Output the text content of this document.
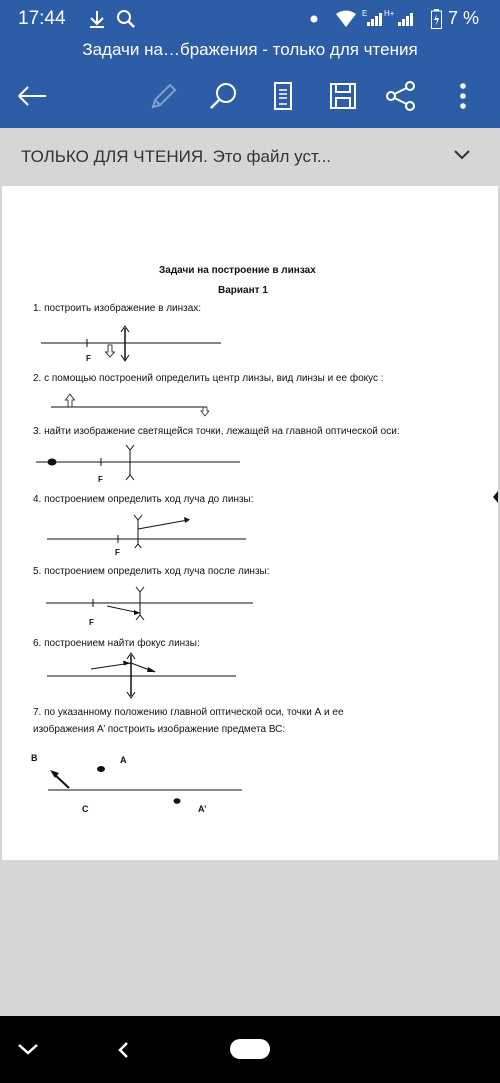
17:44	E H+	7 %
Задачи на…бражения - только для чтения
ТОЛЬКО ДЛЯ ЧТЕНИЯ. Это файл уст...
Задачи на построение в линзах
Вариант 1
1. построить изображение в линзах:
2. с помощью построений определить центр линзы, вид линзы и ее фокус :
3. найти изображение светящейся точки, лежащей на главной оптической оси:
4. построением определить ход луча до линзы:
5. построением определить ход луча после линзы:
6. построением найти фокус линзы:
7. по указанному положению главной оптической оси, точки А и ее
изображения А’ построить изображение предмета ВС:
F
F
F
F
B	A
C	A’
